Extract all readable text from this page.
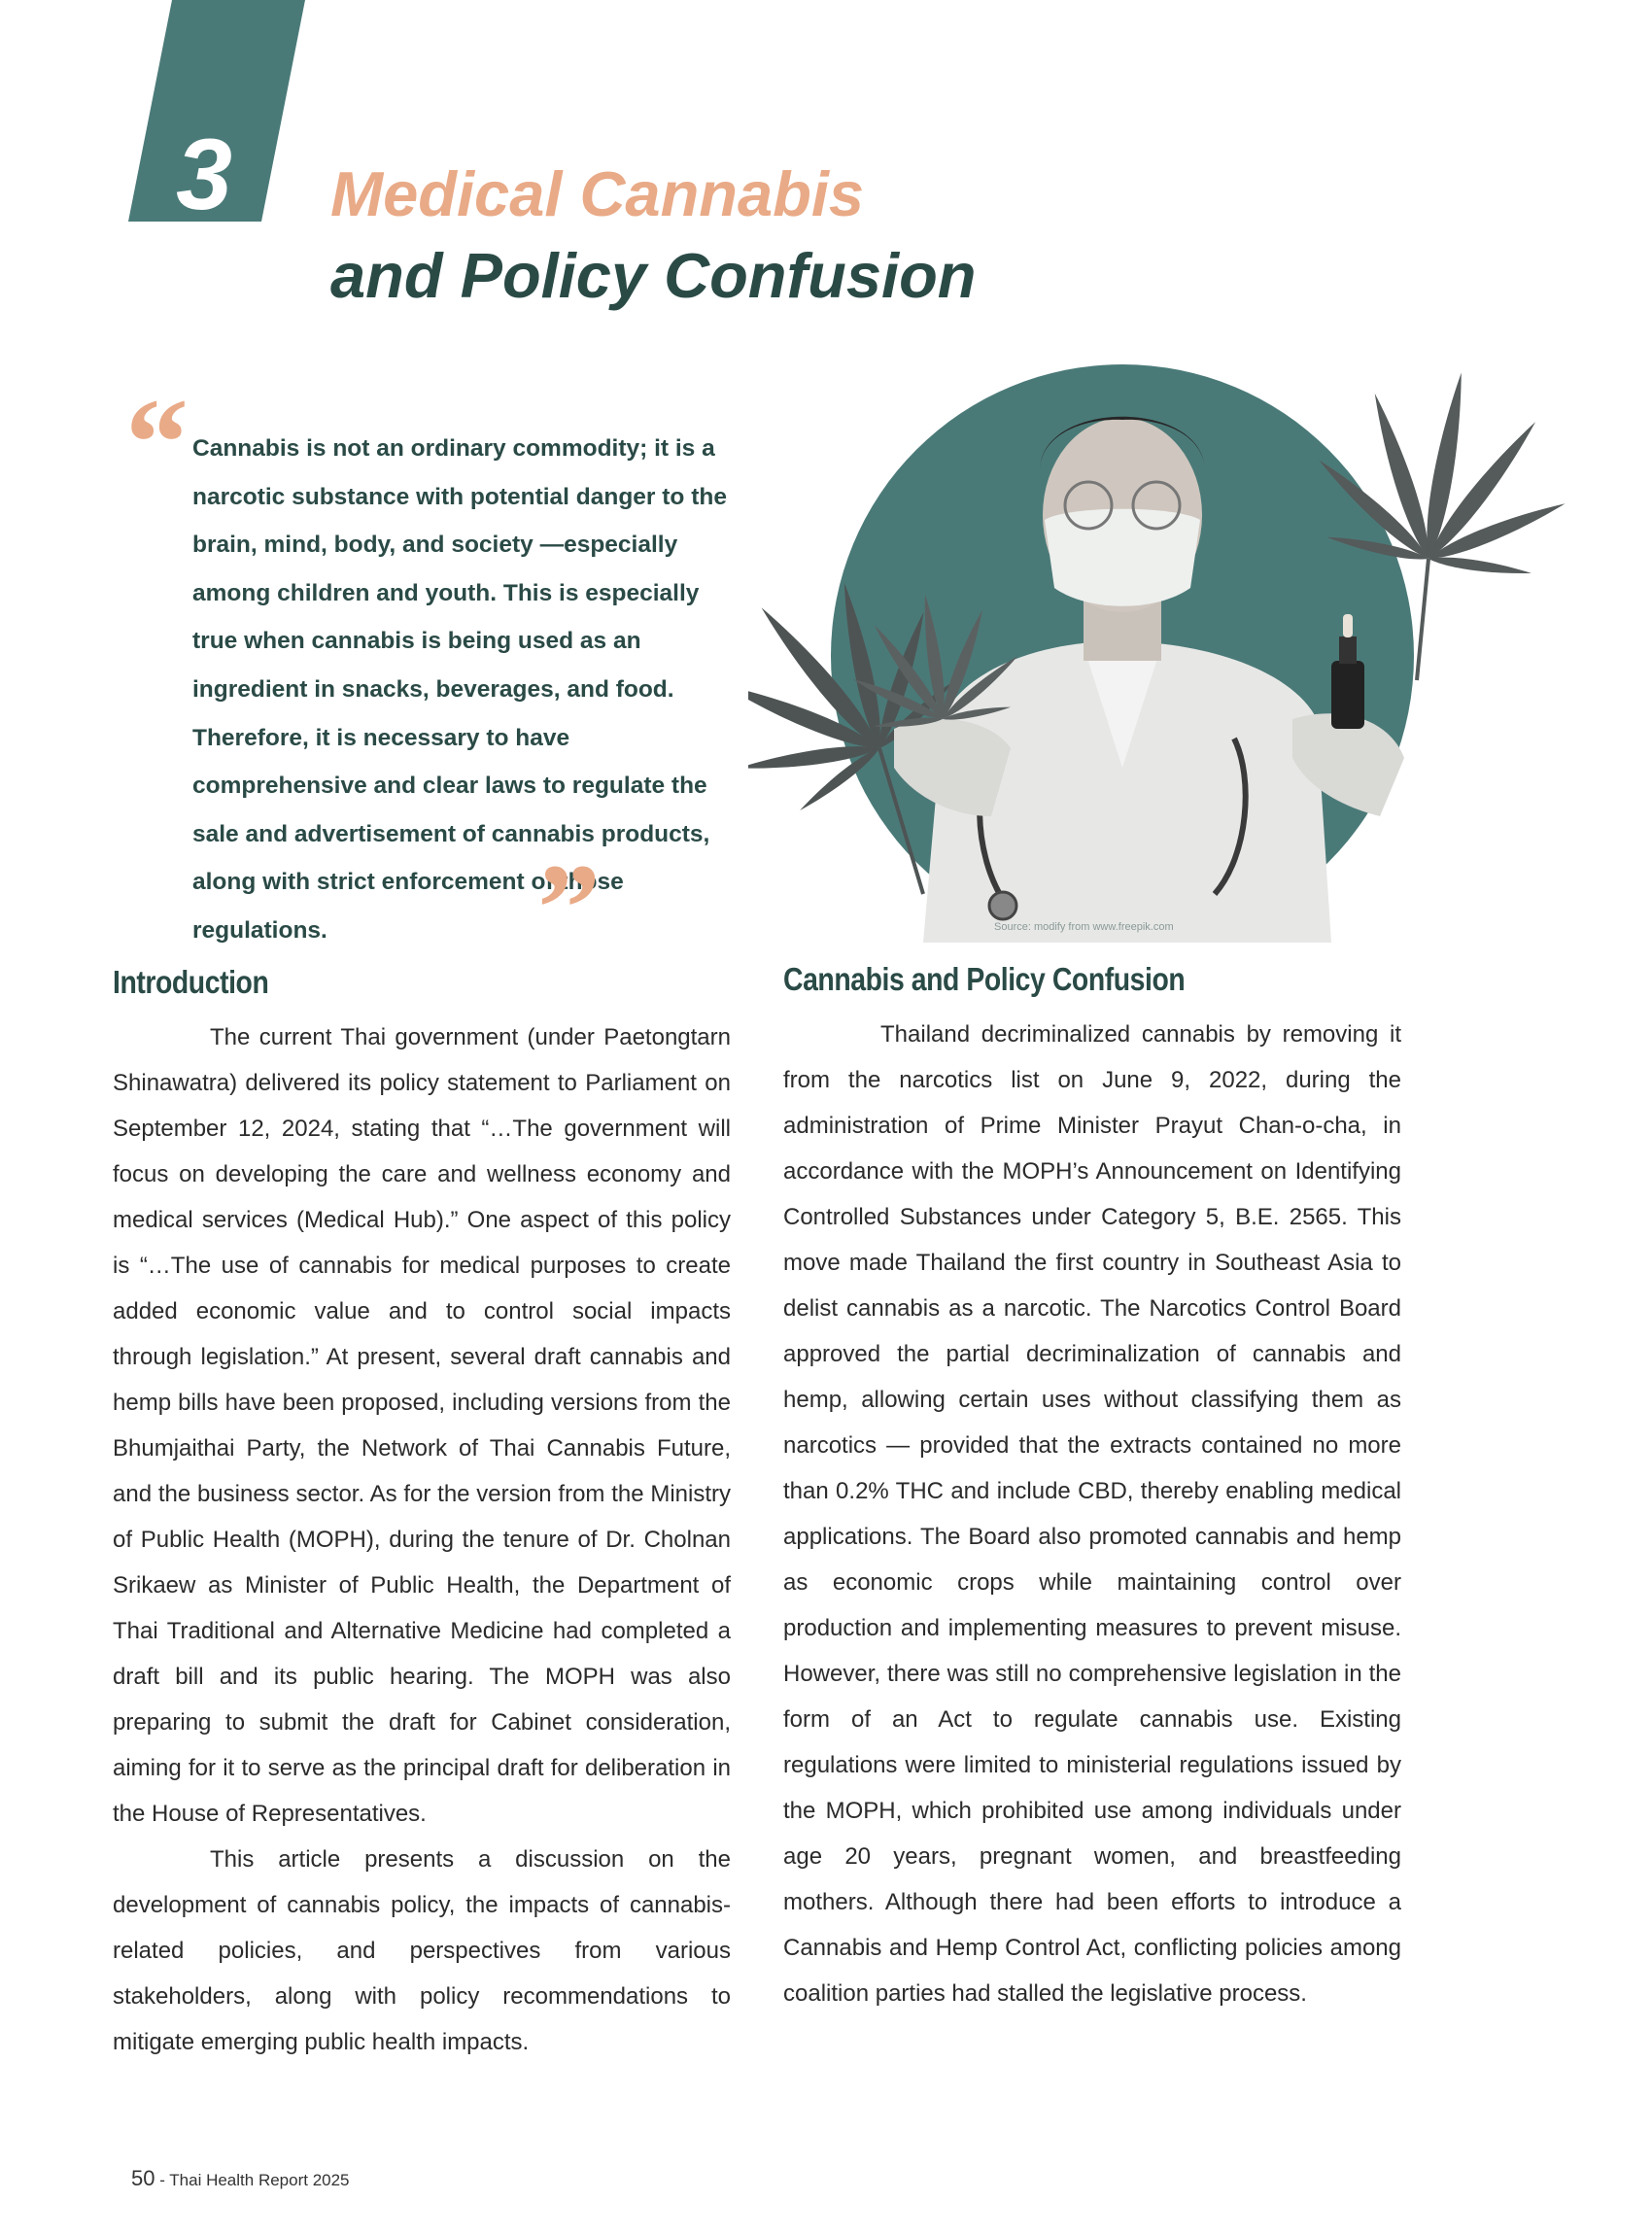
3	Medical Cannabis
and Policy Confusion
“ Cannabis is not an ordinary commodity; it is a narcotic substance with potential danger to the brain, mind, body, and society —especially among children and youth. This is especially true when cannabis is being used as an ingredient in snacks, beverages, and food. Therefore, it is necessary to have comprehensive and clear laws to regulate the sale and advertisement of cannabis products, along with strict enforcement of those regulations.	”	Source: modify from www.freepik.com
Introduction

The current Thai government (under Paetongtarn Shinawatra) delivered its policy statement to Parliament on September 12, 2024, stating that “…The government will focus on developing the care and wellness economy and medical services (Medical Hub).” One aspect of this policy is “…The use of cannabis for medical purposes to create added economic value and to control social impacts through legislation.” At present, several draft cannabis and hemp bills have been proposed, including versions from the Bhumjaithai Party, the Network of Thai Cannabis Future, and the business sector. As for the version from the Ministry of Public Health (MOPH), during the tenure of Dr. Cholnan Srikaew as Minister of Public Health, the Department of Thai Traditional and Alternative Medicine had completed a draft bill and its public hearing. The MOPH was also preparing to submit the draft for Cabinet consideration, aiming for it to serve as the principal draft for deliberation in the House of Representatives.

This article presents a discussion on the development of cannabis policy, the impacts of cannabis-related policies, and perspectives from various stakeholders, along with policy recommendations to mitigate emerging public health impacts.

Cannabis and Policy Confusion

Thailand decriminalized cannabis by removing it from the narcotics list on June 9, 2022, during the administration of Prime Minister Prayut Chan-o-cha, in accordance with the MOPH’s Announcement on Identifying Controlled Substances under Category 5, B.E. 2565. This move made Thailand the first country in Southeast Asia to delist cannabis as a narcotic. The Narcotics Control Board approved the partial decriminalization of cannabis and hemp, allowing certain uses without classifying them as narcotics — provided that the extracts contained no more than 0.2% THC and include CBD, thereby enabling medical applications. The Board also promoted cannabis and hemp as economic crops while maintaining control over production and implementing measures to prevent misuse. However, there was still no comprehensive legislation in the form of an Act to regulate cannabis use. Existing regulations were limited to ministerial regulations issued by the MOPH, which prohibited use among individuals under age 20 years, pregnant women, and breastfeeding mothers. Although there had been efforts to introduce a Cannabis and Hemp Control Act, conflicting policies among coalition parties had stalled the legislative process.

50 - Thai Health Report 2025
